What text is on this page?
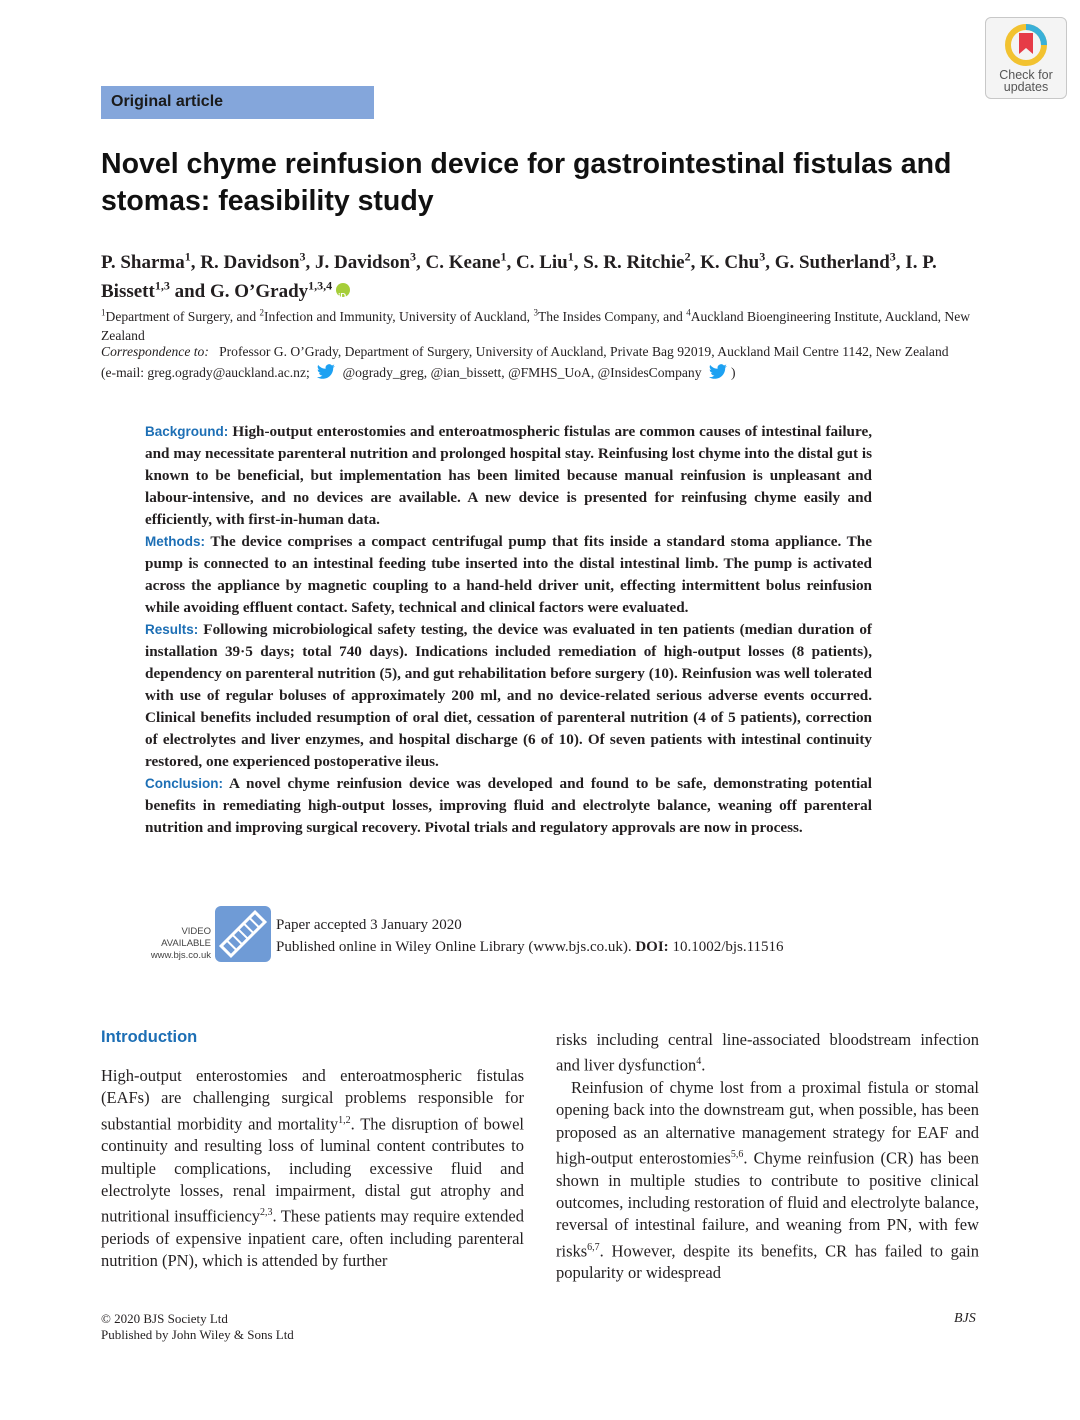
Original article
Check for
updates
Novel chyme reinfusion device for gastrointestinal fistulas and stomas: feasibility study

P. Sharma$^1$, R. Davidson$^3$, J. Davidson$^3$, C. Keane$^1$, C. Liu$^1$, S. R. Ritchie$^2$, K. Chu$^3$, G. Sutherland$^3$, I. P. Bissett$^{1,3}$ and G. O’Grady$^{1,3,4}$iD

$^1$Department of Surgery, and $^2$Infection and Immunity, University of Auckland, $^3$The Insides Company, and $^4$Auckland Bioengineering Institute, Auckland, New Zealand

Correspondence to: Professor G. O’Grady, Department of Surgery, University of Auckland, Private Bag 92019, Auckland Mail Centre 1142, New Zealand
(e-mail: greg.ogrady@auckland.ac.nz; @ogrady_greg, @ian_bissett, @FMHS_UoA, @InsidesCompany )

Background: High-output enterostomies and enteroatmospheric fistulas are common causes of intestinal failure, and may necessitate parenteral nutrition and prolonged hospital stay. Reinfusing lost chyme into the distal gut is known to be beneficial, but implementation has been limited because manual reinfusion is unpleasant and labour-intensive, and no devices are available. A new device is presented for reinfusing chyme easily and efficiently, with first-in-human data.

Methods: The device comprises a compact centrifugal pump that fits inside a standard stoma appliance. The pump is connected to an intestinal feeding tube inserted into the distal intestinal limb. The pump is activated across the appliance by magnetic coupling to a hand-held driver unit, effecting intermittent bolus reinfusion while avoiding effluent contact. Safety, technical and clinical factors were evaluated.

Results: Following microbiological safety testing, the device was evaluated in ten patients (median duration of installation 39·5 days; total 740 days). Indications included remediation of high-output losses (8 patients), dependency on parenteral nutrition (5), and gut rehabilitation before surgery (10). Reinfusion was well tolerated with use of regular boluses of approximately 200 ml, and no device-related serious adverse events occurred. Clinical benefits included resumption of oral diet, cessation of parenteral nutrition (4 of 5 patients), correction of electrolytes and liver enzymes, and hospital discharge (6 of 10). Of seven patients with intestinal continuity restored, one experienced postoperative ileus.

Conclusion: A novel chyme reinfusion device was developed and found to be safe, demonstrating potential benefits in remediating high-output losses, improving fluid and electrolyte balance, weaning off parenteral nutrition and improving surgical recovery. Pivotal trials and regulatory approvals are now in process.

VIDEO
AVAILABLE
www.bjs.co.uk

Paper accepted 3 January 2020
Published online in Wiley Online Library (www.bjs.co.uk). DOI: 10.1002/bjs.11516

Introduction

High-output enterostomies and enteroatmospheric fistulas (EAFs) are challenging surgical problems responsible for substantial morbidity and mortality$^{1,2}$. The disruption of bowel continuity and resulting loss of luminal content contributes to multiple complications, including excessive fluid and electrolyte losses, renal impairment, distal gut atrophy and nutritional insufficiency$^{2,3}$. These patients may require extended periods of expensive inpatient care, often including parenteral nutrition (PN), which is attended by further

risks including central line-associated bloodstream infection and liver dysfunction$^4$.

Reinfusion of chyme lost from a proximal fistula or stomal opening back into the downstream gut, when possible, has been proposed as an alternative management strategy for EAF and high-output enterostomies$^{5,6}$. Chyme reinfusion (CR) has been shown in multiple studies to contribute to positive clinical outcomes, including restoration of fluid and electrolyte balance, reversal of intestinal failure, and weaning from PN, with few risks$^{6,7}$. However, despite its benefits, CR has failed to gain popularity or widespread

© 2020 BJS Society Ltd
Published by John Wiley & Sons Ltd

BJS
